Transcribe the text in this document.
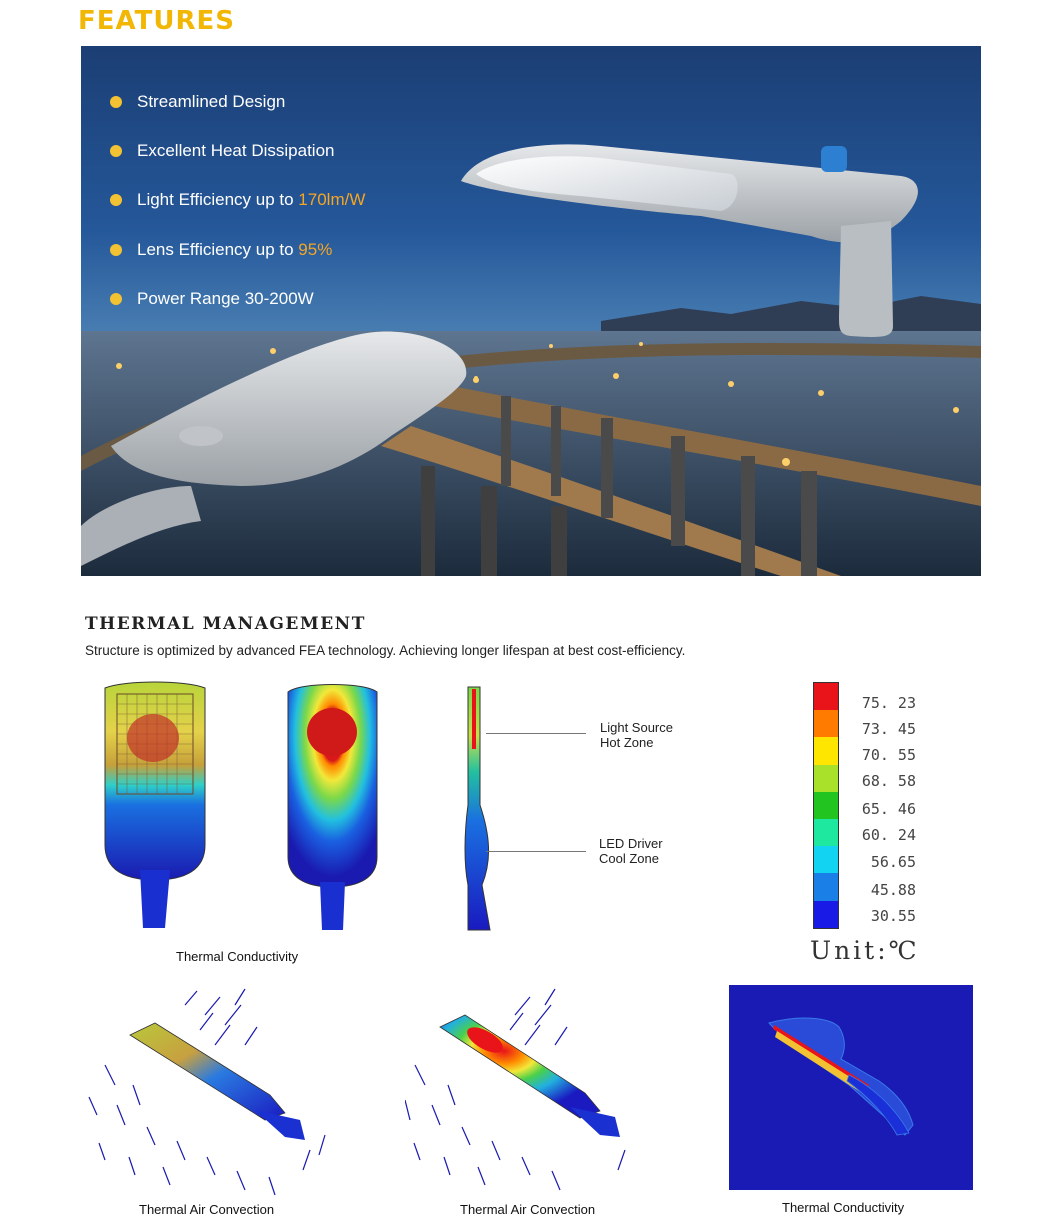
FEATURES
Streamlined Design
Excellent Heat Dissipation
Light Efficiency up to 170lm/W
Lens Efficiency up to 95%
Power Range 30-200W
THERMAL MANAGEMENT
Structure is optimized by advanced FEA technology. Achieving longer lifespan at best cost-efficiency.
Light Source
Hot Zone
LED Driver
Cool Zone
75. 23
73. 45
70. 55
68. 58
65. 46
60. 24
56.65
45.88
30.55
Unit:℃
Thermal Conductivity
Thermal Air Convection	Thermal Air Convection	Thermal Conductivity
